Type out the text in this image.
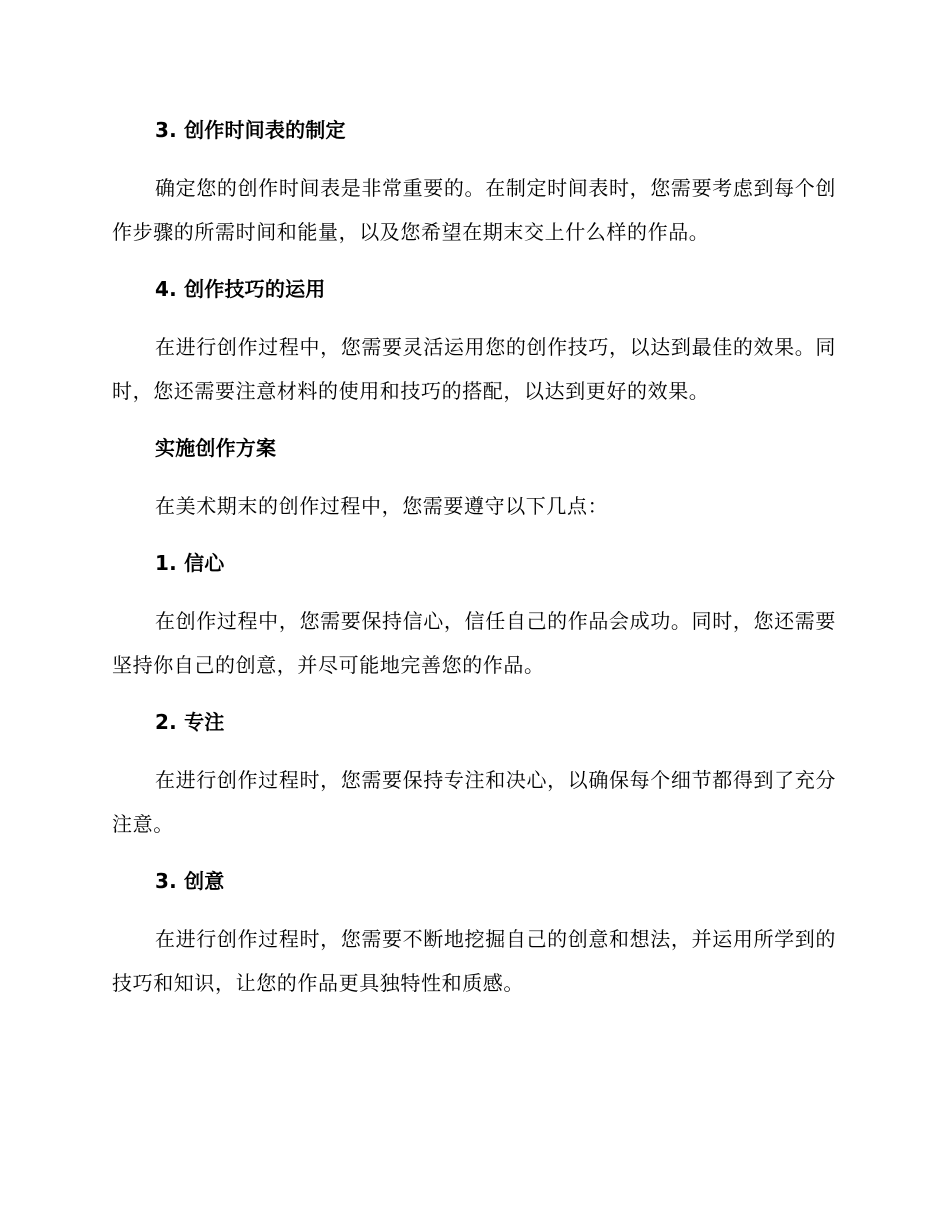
3. 创作时间表的制定

确定您的创作时间表是非常重要的。在制定时间表时，您需要考虑到每个创作步骤的所需时间和能量，以及您希望在期末交上什么样的作品。

4. 创作技巧的运用

在进行创作过程中，您需要灵活运用您的创作技巧，以达到最佳的效果。同时，您还需要注意材料的使用和技巧的搭配，以达到更好的效果。

实施创作方案

在美术期末的创作过程中，您需要遵守以下几点：

1. 信心

在创作过程中，您需要保持信心，信任自己的作品会成功。同时，您还需要坚持你自己的创意，并尽可能地完善您的作品。

2. 专注

在进行创作过程时，您需要保持专注和决心，以确保每个细节都得到了充分注意。

3. 创意

在进行创作过程时，您需要不断地挖掘自己的创意和想法，并运用所学到的技巧和知识，让您的作品更具独特性和质感。
